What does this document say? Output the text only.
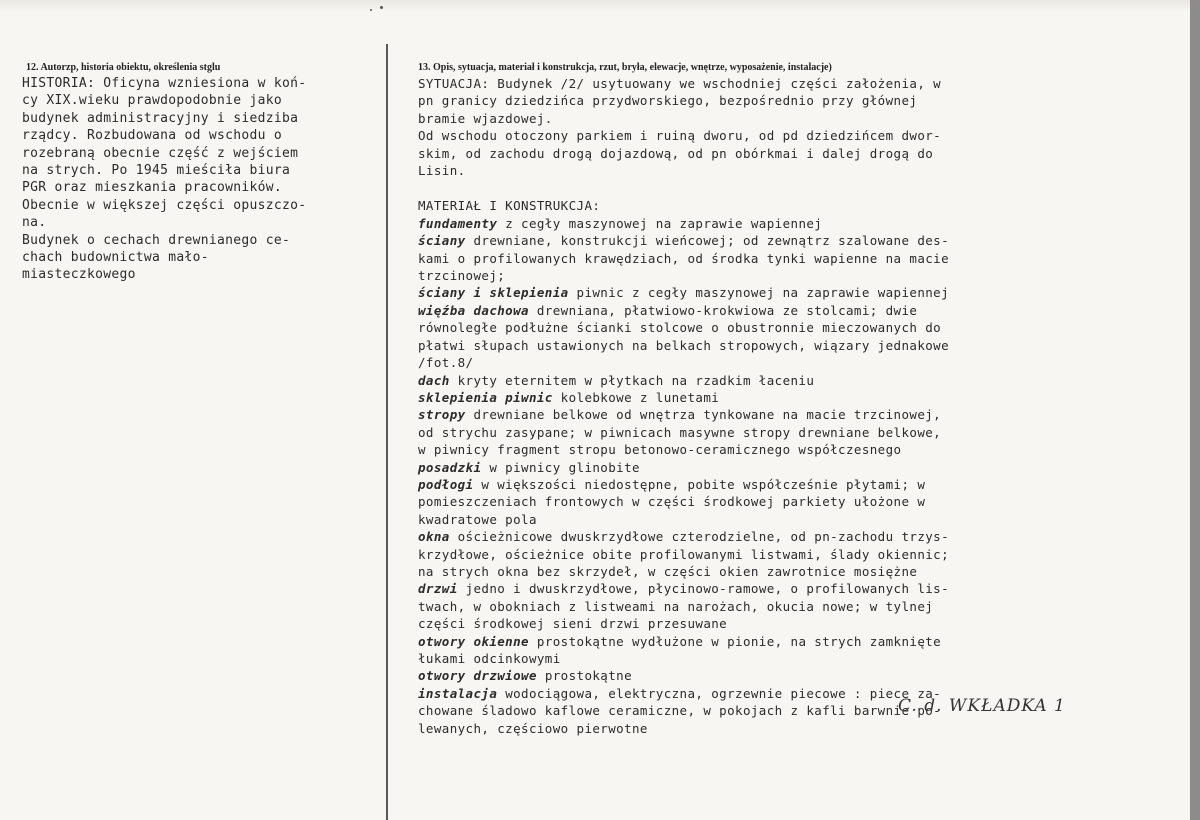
12. Autorzp, historia obiektu, określenia stglu
HISTORIA: Oficyna wzniesiona w koń-
cy XIX.wieku prawdopodobnie jako
budynek administracyjny i siedziba
rządcy. Rozbudowana od wschodu o
rozebraną obecnie część z wejściem
na strych. Po 1945 mieściła biura
PGR oraz mieszkania pracowników.
Obecnie w większej części opuszczo-
na.
Budynek o cechach drewnianego ce-
chach budownictwa mało-
miasteczkowego
13. Opis, sytuacja, materiał i konstrukcja, rzut, bryła, elewacje, wnętrze, wyposażenie, instalacje)
SYTUACJA: Budynek /2/ usytuowany we wschodniej części założenia, w
pn granicy dziedzińca przydworskiego, bezpośrednio przy głównej
bramie wjazdowej.
Od wschodu otoczony parkiem i ruiną dworu, od pd dziedzińcem dwor-
skim, od zachodu drogą dojazdową, od pn obórkmai i dalej drogą do
Lisin.
MATERIAŁ I KONSTRUKCJA:
fundamenty z cegły maszynowej na zaprawie wapiennej
ściany drewniane, konstrukcji wieńcowej; od zewnątrz szalowane des-
kami o profilowanych krawędziach, od środka tynki wapienne na macie
trzcinowej;
ściany i sklepienia piwnic z cegły maszynowej na zaprawie wapiennej
więźba dachowa drewniana, płatwiowo-krokwiowa ze stolcami; dwie
równoległe podłużne ścianki stolcowe o obustronnie mieczowanych do
płatwi słupach ustawionych na belkach stropowych, wiązary jednakowe
/fot.8/
dach kryty eternitem w płytkach na rzadkim łaceniu
sklepienia piwnic kolebkowe z lunetami
stropy drewniane belkowe od wnętrza tynkowane na macie trzcinowej,
od strychu zasypane; w piwnicach masywne stropy drewniane belkowe,
w piwnicy fragment stropu betonowo-ceramicznego współczesnego
posadzki w piwnicy glinobite
podłogi w większości niedostępne, pobite współcześnie płytami; w
pomieszczeniach frontowych w części środkowej parkiety ułożone w
kwadratowe pola
okna ościeżnicowe dwuskrzydłowe czterodzielne, od pn-zachodu trzys-
krzydłowe, ościeżnice obite profilowanymi listwami, ślady okiennic;
na strych okna bez skrzydeł, w części okien zawrotnice mosiężne
drzwi jedno i dwuskrzydłowe, płycinowo-ramowe, o profilowanych lis-
twach, w obokniach z listweami na narożach, okucia nowe; w tylnej
części środkowej sieni drzwi przesuwane
otwory okienne prostokątne wydłużone w pionie, na strych zamknięte
łukami odcinkowymi
otwory drzwiowe prostokątne
instalacja wodociągowa, elektryczna, ogrzewnie piecowe : piece za-
chowane śladowo kaflowe ceramiczne, w pokojach z kafli barwnie po-
lewanych, częściowo pierwotne
C. d. WKŁADKA 1
